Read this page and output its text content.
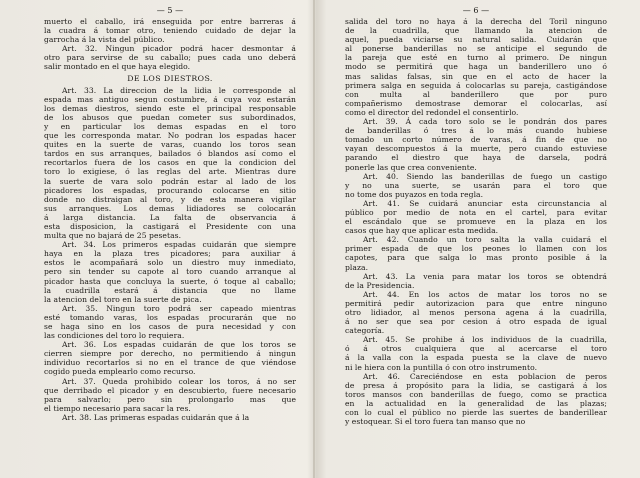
— 5 —
muerto el caballo, irá enseguida por entre barreras á
la cuadra á tomar otro, teniendo cuidado de dejar la
garrocha á la vista del público.
Art. 32. Ningun picador podrá hacer desmontar á
otro para servirse de su caballo; pues cada uno deberá
salir montado en el que haya elegido.
DE LOS DIESTROS.
Art. 33. La direccion de la lidia le corresponde al
espada mas antiguo segun costumbre, á cuya voz estarán
los demas diestros, siendo este el principal responsable
de los abusos que puedan cometer sus subordinados,
y en particular los demas espadas en el toro
que les corresponda matar. No podran los espadas hacer
quites en la suerte de varas, cuando los toros sean
tardos en sus arranques, bailados ó blandos así como el
recortarlos fuera de los casos en que la condicion del
toro lo exigiese, ó las reglas del arte. Mientras dure
la suerte de vara solo podrán estar al lado de los
picadores los espadas, procurando colocarse en sitio
donde no distraigan al toro, y de esta manera vigilar
sus arranques. Los demas lidiadores se colocarán
á larga distancia. La falta de observancia á
esta disposicion, la castigará el Presidente con una
multa que no bajará de 25 pesetas.
Art. 34. Los primeros espadas cuidarán que siempre
haya en la plaza tres picadores; para auxiliar á
estos le acompañará solo un diestro muy inmediato,
pero sin tender su capote al toro cuando arranque al
picador hasta que concluya la suerte, ó toque al caballo;
la cuadrilla estará á distancia que no llame
la atencion del toro en la suerte de pica.
Art. 35. Ningun toro podrá ser capeado mientras
esté tomando varas, los espadas procurarán que no
se haga sino en los casos de pura necesidad y con
las condiciones del toro lo requiera.
Art. 36. Los espadas cuidarán de que los toros se
cierren siempre por derecho, no permitiendo á ningun
individuo recortarlos si no en el trance de que viéndose
cogido pueda emplearlo como recurso.
Art. 37. Queda prohibido colear los toros, á no ser
que derribado el picador y en descubierto, fuere necesario
para salvarlo; pero sin prolongarlo mas que
el tiempo necesario para sacar la res.
Art. 38. Las primeras espadas cuidarán que á la
— 6 —
salida del toro no haya á la derecha del Toril ninguno
de la cuadrilla, que llamando la atencion de
aquel, pueda viciarse su natural salida. Cuidarán que
al ponerse banderillas no se anticipe el segundo de
la pareja que esté en turno al primero. De ningun
modo se permitirá que haga un banderillero uno ó
mas salidas falsas, sin que en el acto de hacer la
primera salga en seguida á colocarlas su pareja, castigándose
con multa al banderillero que por puro
compañerismo demostrase demorar el colocarlas, así
como el director del redondel el consentirlo.
Art. 39. Á cada toro solo se le pondrán dos pares
de banderillas ó tres á lo más cuando hubiese
tomado un corto número de varas, á fin de que no
vayan descompuestos á la muerte, pero cuando estuviese
parando el diestro que haya de darsela, podrá
ponerle las que crea conveniente.
Art. 40. Siendo las banderillas de fuego un castigo
y no una suerte, se usarán para el toro que
no tome dos puyazos en toda regla.
Art. 41. Se cuidará anunciar esta circunstancia al
público por medio de nota en el cartel, para evitar
el escándalo que se promueve en la plaza en los
casos que hay que aplicar esta medida.
Art. 42. Cuando un toro salta la valla cuidará el
primer espada de que los peones lo llamen con los
capotes, para que salga lo mas pronto posible á la
plaza.
Art. 43. La venia para matar los toros se obtendrá
de la Presidencia.
Art. 44. En los actos de matar los toros no se
permitirá pedir autorizacion para que entre ninguno
otro lidiador, al menos persona agena á la cuadrilla,
á no ser que sea por cesion á otro espada de igual
categoría.
Art. 45. Se prohibe á los individuos de la cuadrilla,
ó á otros cualquiera que al acercarse el toro
á la valla con la espada puesta se la clave de nuevo
ni le hiera con la puntilla ó con otro instrumento.
Art. 46. Careciéndose en esta poblacion de peros
de presa á propósito para la lidia, se castigará á los
toros mansos con banderillas de fuego, como se practica
en la actualidad en la generalidad de las plazas;
con lo cual el público no pierde las suertes de banderillear
y estoquear. Si el toro fuera tan manso que no
